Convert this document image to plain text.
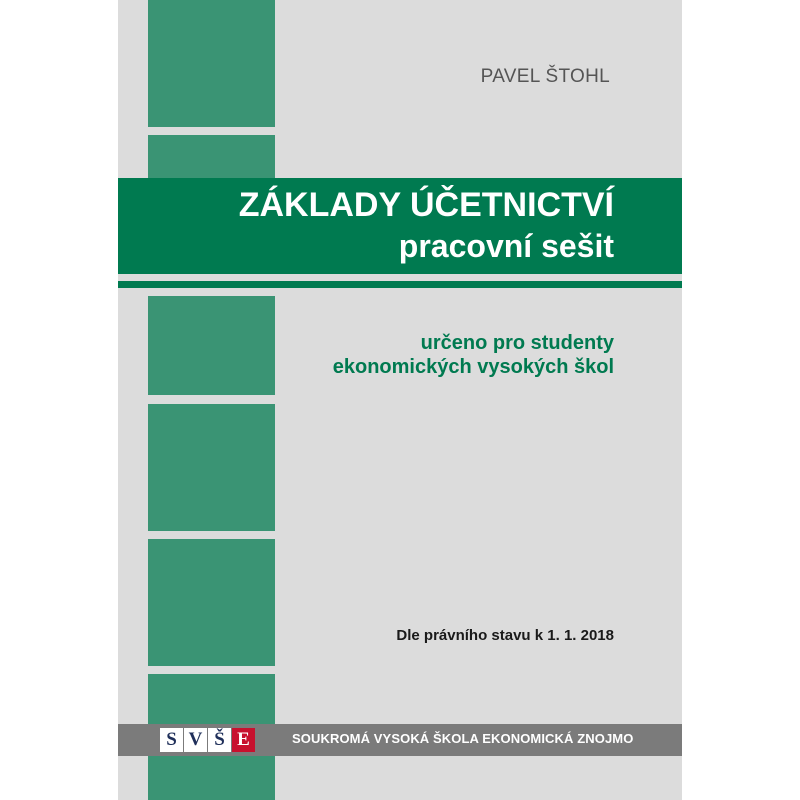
PAVEL ŠTOHL
ZÁKLADY ÚČETNICTVÍ
pracovní sešit
určeno pro studenty
ekonomických vysokých škol
Dle právního stavu k 1. 1. 2018
S V Š E	SOUKROMÁ VYSOKÁ ŠKOLA EKONOMICKÁ ZNOJMO
